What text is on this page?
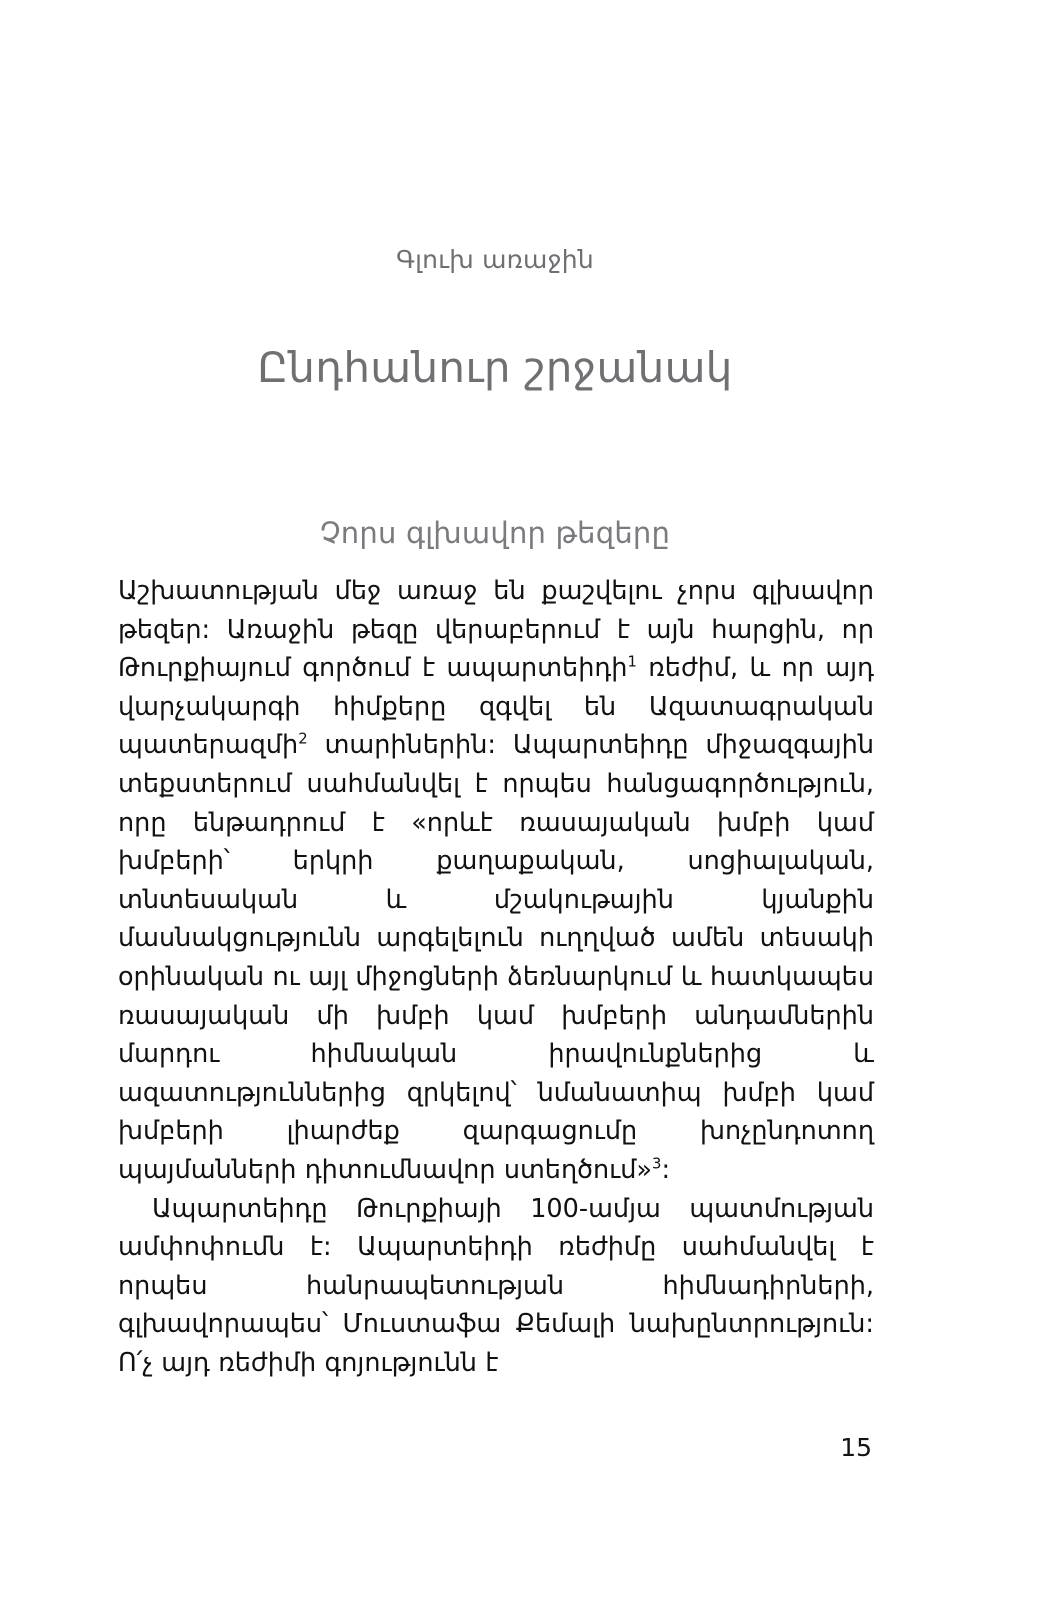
Գլուխ առաջին
Ընդհանուր շրջանակ
Չորս գլխավոր թեզերը

Աշխատության մեջ առաջ են քաշվելու չորս գլխավոր թեզեր: Առաջին թեզը վերաբերում է այն հարցին, որ Թուրքիայում գործում է ապարտեիդի$^1$ ռեժիմ, և որ այդ վարչակարգի հիմքերը զգվել են Ազատագրական պատերազմի$^2$ տարիներին: Ապարտեիդը միջազգային տեքստերում սահմանվել է որպես հանցագործություն, որը ենթադրում է «որևէ ռասայական խմբի կամ խմբերի՝ երկրի քաղաքական, սոցիալական, տնտեսական և մշակութային կյանքին մասնակցությունն արգելելուն ուղղված ամեն տեսակի օրինական ու այլ միջոցների ձեռնարկում և հատկապես ռասայական մի խմբի կամ խմբերի անդամներին մարդու հիմնական իրավունքներից և ազատություններից զրկելով՝ նմանատիպ խմբի կամ խմբերի լիարժեք զարգացումը խոչընդոտող պայմանների դիտումնավոր ստեղծում»$^3$:

Ապարտեիդը Թուրքիայի 100-ամյա պատմության ամփոփումն է: Ապարտեիդի ռեժիմը սահմանվել է որպես հանրապետության հիմնադիրների, գլխավորապես՝ Մուստաֆա Քեմալի նախընտրություն: Ո՛չ այդ ռեժիմի գոյությունն է

15
